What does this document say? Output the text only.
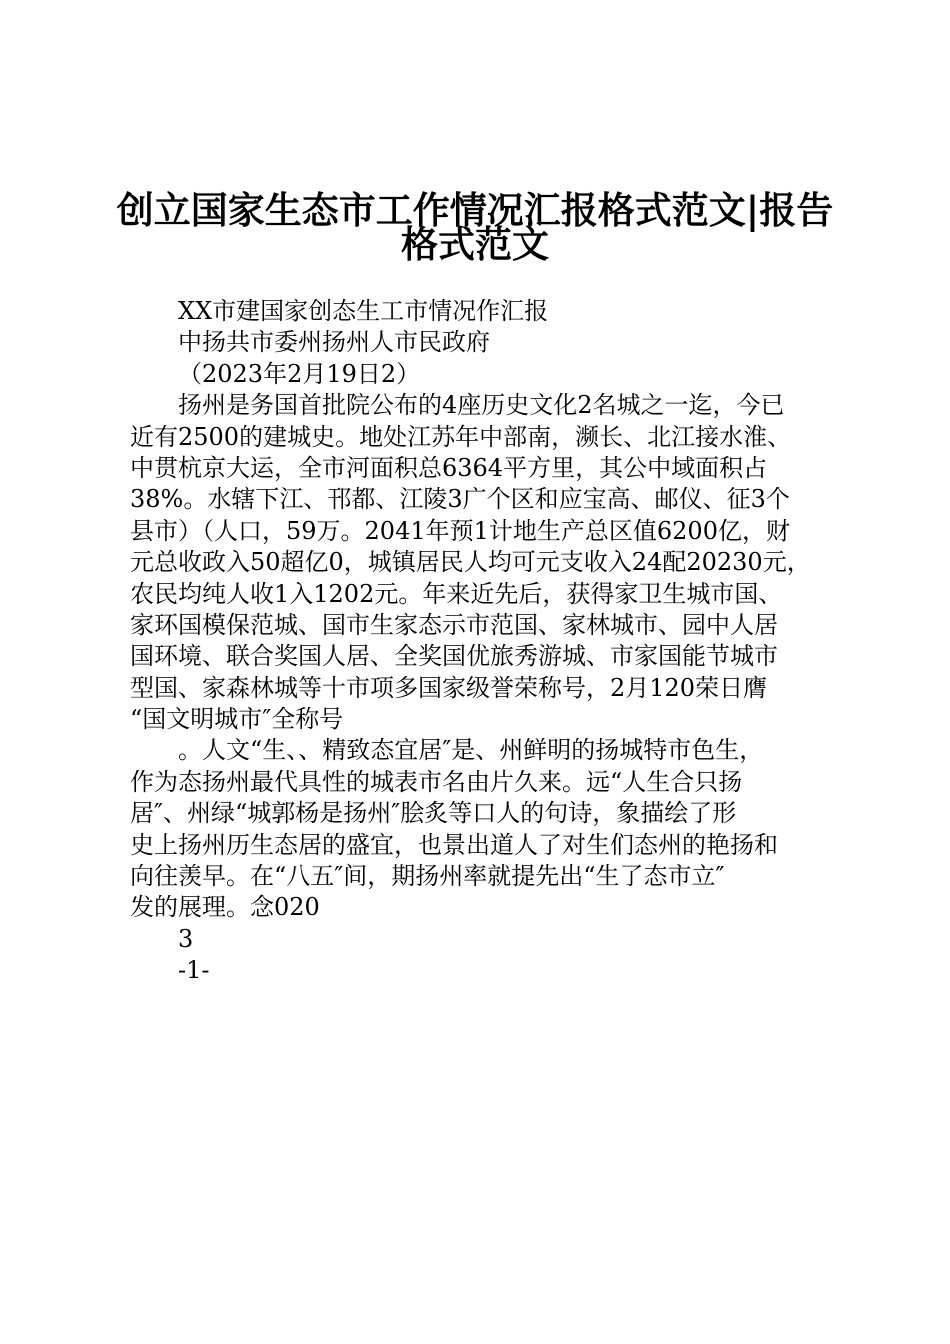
创立国家生态市工作情况汇报格式范文|报告
格式范文
XX市建国家创态生工市情况作汇报
中扬共市委州扬州人市民政府
（2023年2月19日2）
扬州是务国首批院公布的4座历史文化2名城之一迄，今已
近有2500的建城史。地处江苏年中部南，濒长、北江接水淮、
中贯杭京大运，全市河面积总6364平方里，其公中域面积占
38%。水辖下江、邗都、江陵3广个区和应宝高、邮仪、征3个
县市）（人口，59万。2041年预1计地生产总区值6200亿，财
元总收政入50超亿0，城镇居民人均可元支收入24配20230元，
农民均纯人收1入1202元。年来近先后，获得家卫生城市国、
家环国模保范城、国市生家态示市范国、家林城市、园中人居
国环境、联合奖国人居、全奖国优旅秀游城、市家国能节城市
型国、家森林城等十市项多国家级誉荣称号，2月120荣日膺
“国文明城市″全称号
。人文“生、、精致态宜居″是、州鲜明的扬城特市色生，
作为态扬州最代具性的城表市名由片久来。远“人生合只扬
居″、州绿“城郭杨是扬州″脍炙等口人的句诗，象描绘了形
史上扬州历生态居的盛宜，也景出道人了对生们态州的艳扬和
向往羡早。在“八五″间，期扬州率就提先出“生了态市立″
发的展理。念020
3
-1-
